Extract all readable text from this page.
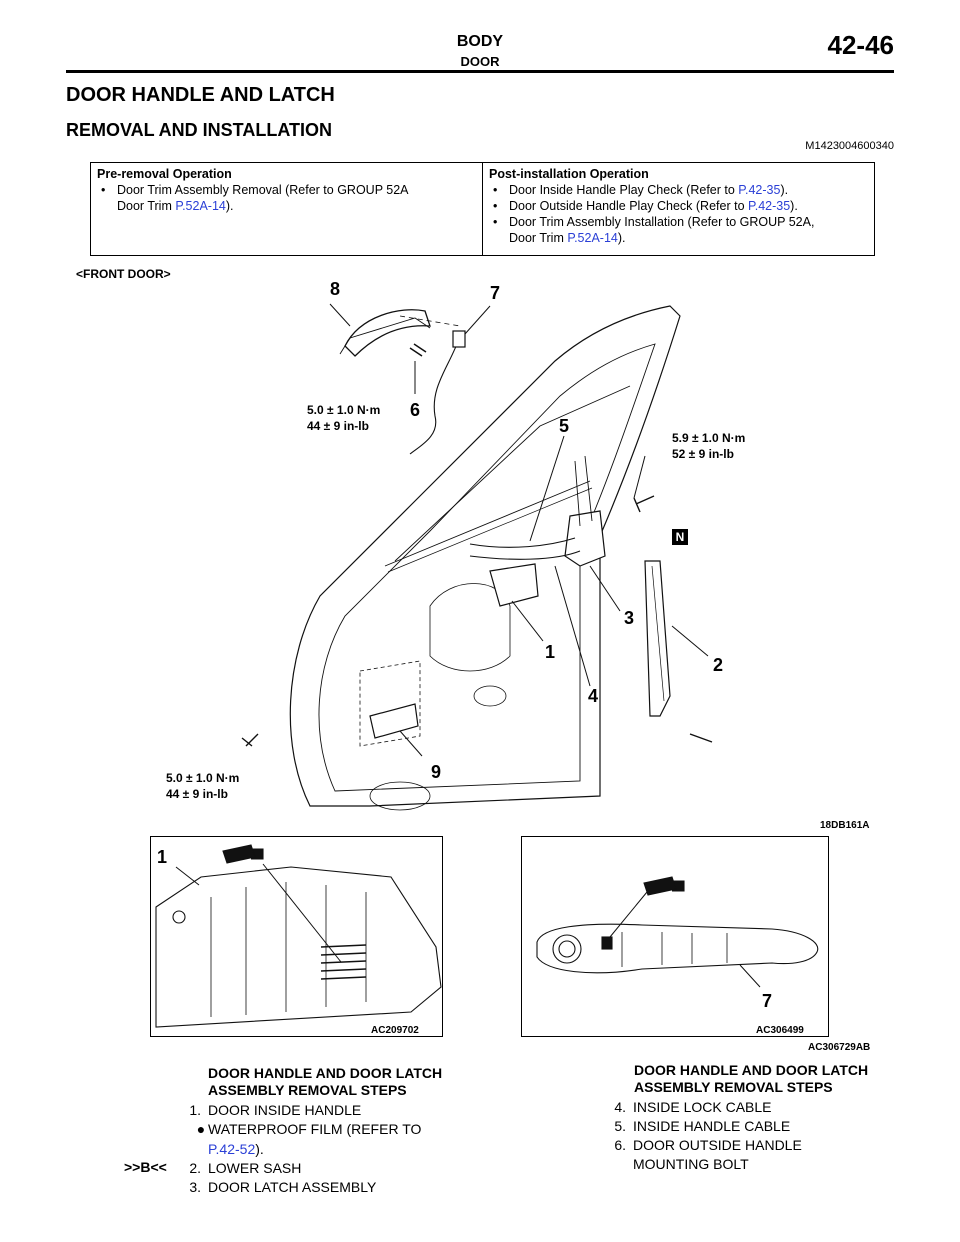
BODY
DOOR
42-46
DOOR HANDLE AND LATCH
REMOVAL AND INSTALLATION
M1423004600340
Pre-removal Operation
• Door Trim Assembly Removal (Refer to GROUP 52A
Door Trim P.52A-14).
Post-installation Operation
• Door Inside Handle Play Check (Refer to P.42-35).
• Door Outside Handle Play Check (Refer to P.42-35).
• Door Trim Assembly Installation (Refer to GROUP 52A,
Door Trim P.52A-14).
<FRONT DOOR>
8	7
6
5
3
1
2
4
9
5.0 ± 1.0 N·m
44 ± 9 in-lb
5.9 ± 1.0 N·m
52 ± 9 in-lb
5.0 ± 1.0 N·m
44 ± 9 in-lb
N
18DB161A
1
AC209702
7
AC306499
AC306729AB
DOOR HANDLE AND DOOR LATCH
ASSEMBLY REMOVAL STEPS
1. DOOR INSIDE HANDLE
● WATERPROOF FILM (REFER TO
P.42-52).
>>B<<	2. LOWER SASH
3. DOOR LATCH ASSEMBLY
DOOR HANDLE AND DOOR LATCH
ASSEMBLY REMOVAL STEPS
4. INSIDE LOCK CABLE
5. INSIDE HANDLE CABLE
6. DOOR OUTSIDE HANDLE
MOUNTING BOLT
